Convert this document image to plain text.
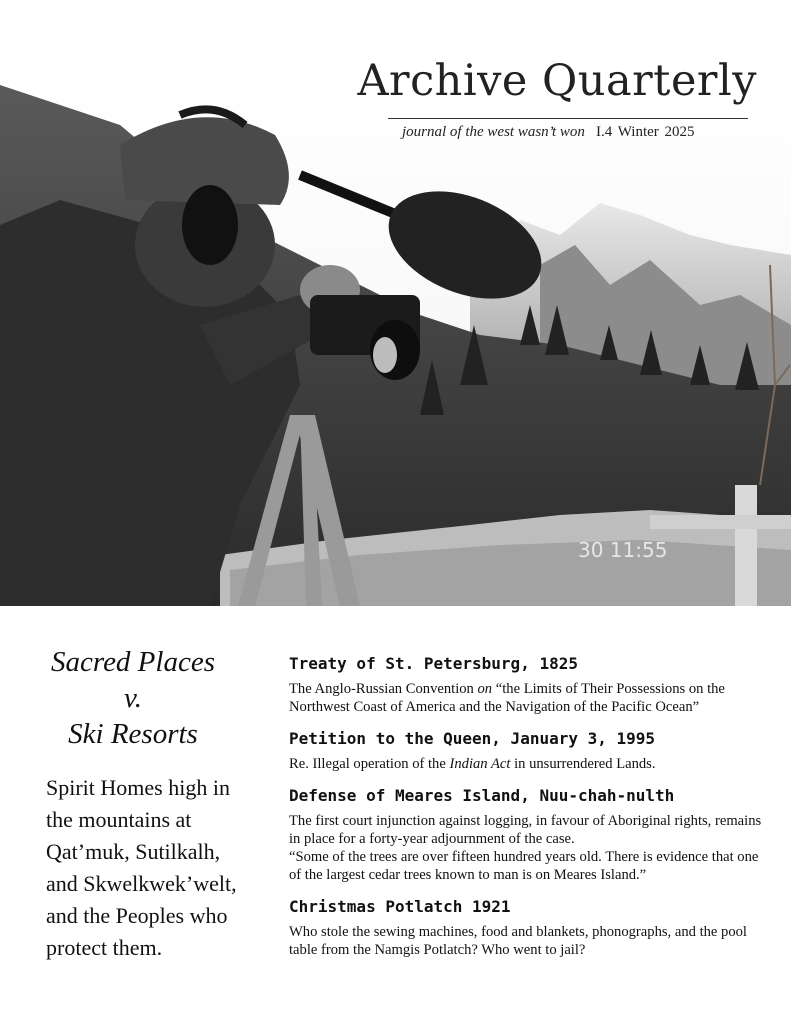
30 11:55
Archive Quarterly
journal of the west wasn’t won I.4 Winter 2025
Sacred Places
v.
Ski Resorts

Spirit Homes high in the mountains at Qat’muk, Sutilkalh, and Skwelkwek’welt, and the Peoples who protect them.

Treaty of St. Petersburg, 1825

The Anglo-Russian Convention on “the Limits of Their Possessions on the Northwest Coast of America and the Navigation of the Pacific Ocean”

Petition to the Queen, January 3, 1995

Re. Illegal operation of the Indian Act in unsurrendered Lands.

Defense of Meares Island, Nuu-chah-nulth

The first court injunction against logging, in favour of Aboriginal rights, remains in place for a forty-year adjournment of the case.

“Some of the trees are over fifteen hundred years old. There is evidence that one of the largest cedar trees known to man is on Meares Island.”

Christmas Potlatch 1921

Who stole the sewing machines, food and blankets, phonographs, and the pool table from the Namgis Potlatch? Who went to jail?
